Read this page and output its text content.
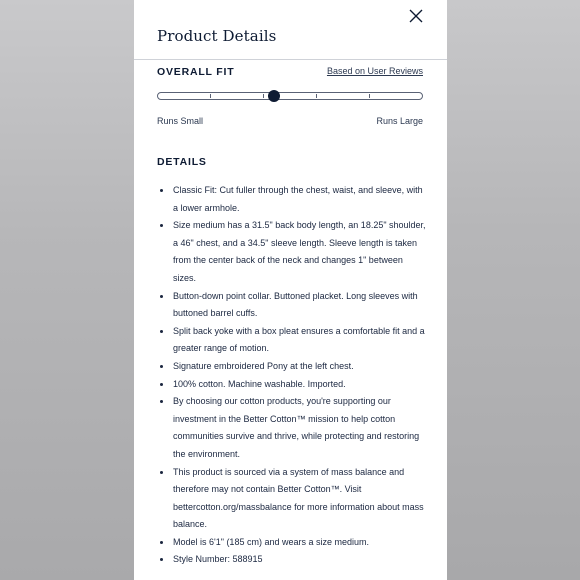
Product Details
OVERALL FIT	Based on User Reviews
Runs Small	Runs Large
DETAILS
Classic Fit: Cut fuller through the chest, waist, and sleeve, with a lower armhole.
Size medium has a 31.5" back body length, an 18.25" shoulder, a 46" chest, and a 34.5" sleeve length. Sleeve length is taken from the center back of the neck and changes 1" between sizes.
Button-down point collar. Buttoned placket. Long sleeves with buttoned barrel cuffs.
Split back yoke with a box pleat ensures a comfortable fit and a greater range of motion.
Signature embroidered Pony at the left chest.
100% cotton. Machine washable. Imported.
By choosing our cotton products, you're supporting our investment in the Better Cotton™ mission to help cotton communities survive and thrive, while protecting and restoring the environment.
This product is sourced via a system of mass balance and therefore may not contain Better Cotton™. Visit bettercotton.org/massbalance for more information about mass balance.
Model is 6'1" (185 cm) and wears a size medium.
Style Number: 588915
